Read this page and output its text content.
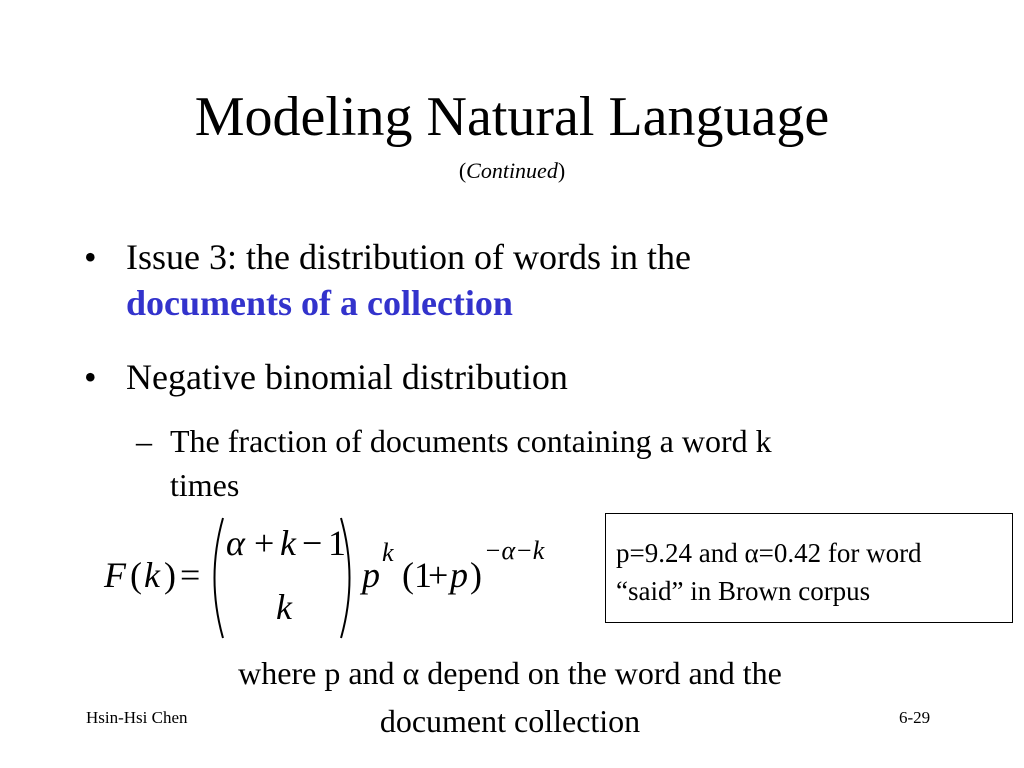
Modeling Natural Language
(Continued)
• Issue 3: the distribution of words in the
documents of a collection
• Negative binomial distribution
– The fraction of documents containing a word k
times
F ( k ) =
α + k − 1
k
p
k
(1
+ p )
−α−k	p=9.24 and α=0.42 for word
“said” in Brown corpus
where p and α depend on the word and the
document collection
Hsin-Hsi Chen	6-29
